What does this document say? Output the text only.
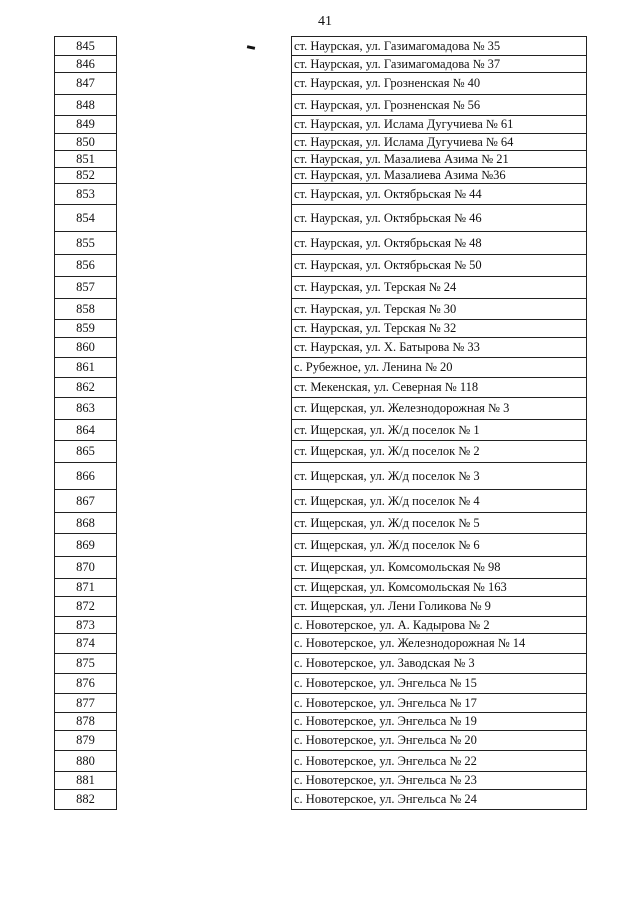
41
845
846
847
848
849
850
851
852
853
854
855
856
857
858
859
860
861
862
863
864
865
866
867
868
869
870
871
872
873
874
875
876
877
878
879
880
881
882
ст. Наурская, ул. Газимагомадова № 35
ст. Наурская, ул. Газимагомадова № 37
ст. Наурская, ул. Грозненская № 40
ст. Наурская, ул. Грозненская № 56
ст. Наурская, ул. Ислама Дугучиева № 61
ст. Наурская, ул. Ислама Дугучиева № 64
ст. Наурская, ул. Мазалиева Азима № 21
ст. Наурская, ул. Мазалиева Азима №36
ст. Наурская, ул. Октябрьская № 44
ст. Наурская, ул. Октябрьская № 46
ст. Наурская, ул. Октябрьская № 48
ст. Наурская, ул. Октябрьская № 50
ст. Наурская, ул. Терская № 24
ст. Наурская, ул. Терская № 30
ст. Наурская, ул. Терская № 32
ст. Наурская, ул. Х. Батырова № 33
с. Рубежное, ул. Ленина № 20
ст. Мекенская, ул. Северная № 118
ст. Ищерская, ул. Железнодорожная № 3
ст. Ищерская, ул. Ж/д поселок № 1
ст. Ищерская, ул. Ж/д поселок № 2
ст. Ищерская, ул. Ж/д поселок № 3
ст. Ищерская, ул. Ж/д поселок № 4
ст. Ищерская, ул. Ж/д поселок № 5
ст. Ищерская, ул. Ж/д поселок № 6
ст. Ищерская, ул. Комсомольская № 98
ст. Ищерская, ул. Комсомольская № 163
ст. Ищерская, ул. Лени Голикова № 9
с. Новотерское, ул. А. Кадырова № 2
с. Новотерское, ул. Железнодорожная № 14
с. Новотерское, ул. Заводская № 3
с. Новотерское, ул. Энгельса № 15
с. Новотерское, ул. Энгельса № 17
с. Новотерское, ул. Энгельса № 19
с. Новотерское, ул. Энгельса № 20
с. Новотерское, ул. Энгельса № 22
с. Новотерское, ул. Энгельса № 23
с. Новотерское, ул. Энгельса № 24
